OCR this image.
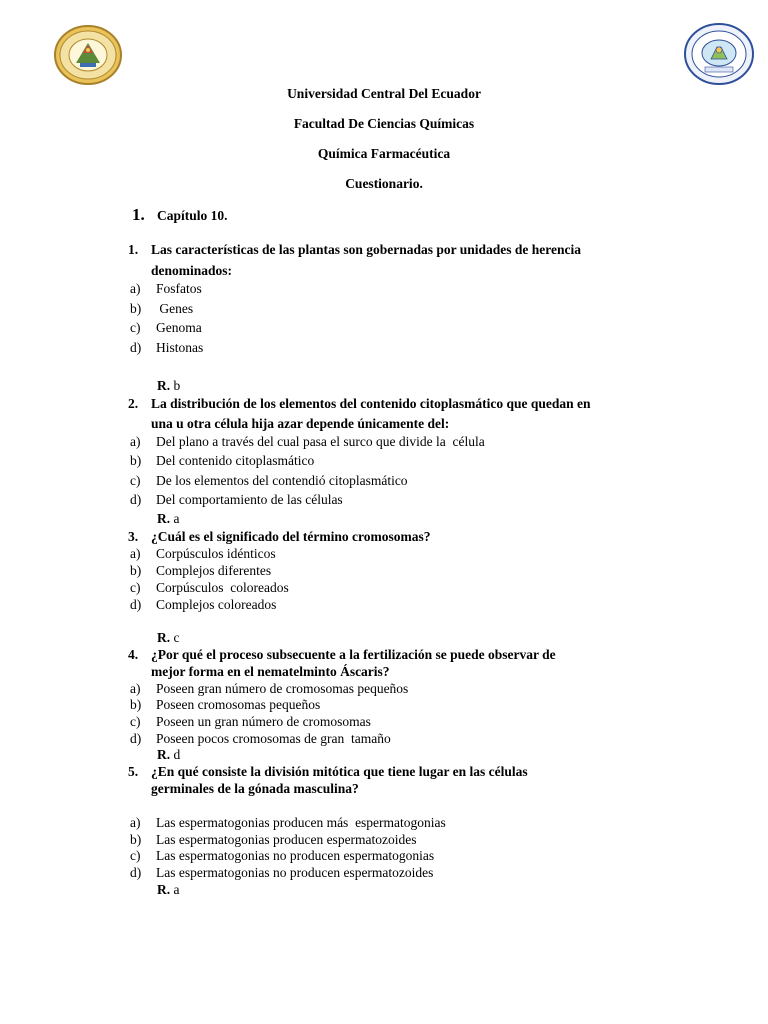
Universidad Central Del Ecuador
Facultad De Ciencias Químicas
Química Farmacéutica
Cuestionario.
1. Capítulo 10.
1. Las características de las plantas son gobernadas por unidades de herencia
denominados:
a) Fosfatos
b) Genes
c) Genoma
d) Histonas
R. b
2. La distribución de los elementos del contenido citoplasmático que quedan en
una u otra célula hija azar depende únicamente del:
a) Del plano a través del cual pasa el surco que divide la  célula
b) Del contenido citoplasmático
c) De los elementos del contendió citoplasmático
d) Del comportamiento de las células
R. a
3. ¿Cuál es el significado del término cromosomas?
a) Corpúsculos idénticos
b) Complejos diferentes
c) Corpúsculos  coloreados
d) Complejos coloreados
R. c
4. ¿Por qué el proceso subsecuente a la fertilización se puede observar de
mejor forma en el nematelminto Áscaris?
a) Poseen gran número de cromosomas pequeños
b) Poseen cromosomas pequeños
c) Poseen un gran número de cromosomas
d) Poseen pocos cromosomas de gran  tamaño
R. d
5. ¿En qué consiste la división mitótica que tiene lugar en las células
germinales de la gónada masculina?
a) Las espermatogonias producen más  espermatogonias
b) Las espermatogonias producen espermatozoides
c) Las espermatogonias no producen espermatogonias
d) Las espermatogonias no producen espermatozoides
R. a
